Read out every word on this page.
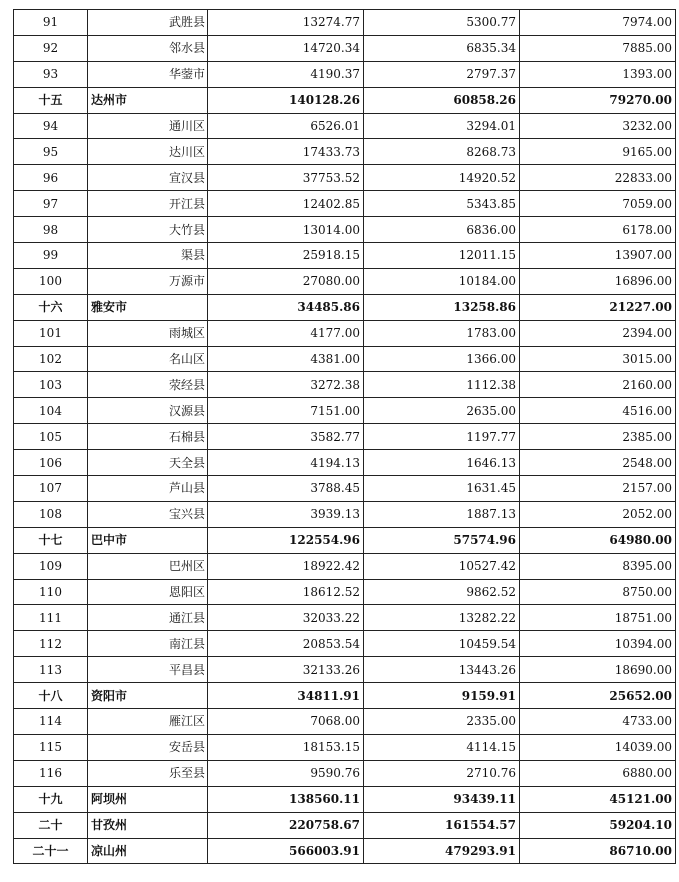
91	武胜县	13274.77	5300.77	7974.00
92	邻水县	14720.34	6835.34	7885.00
93	华蓥市	4190.37	2797.37	1393.00
十五	达州市	140128.26	60858.26	79270.00
94	通川区	6526.01	3294.01	3232.00
95	达川区	17433.73	8268.73	9165.00
96	宣汉县	37753.52	14920.52	22833.00
97	开江县	12402.85	5343.85	7059.00
98	大竹县	13014.00	6836.00	6178.00
99	渠县	25918.15	12011.15	13907.00
100	万源市	27080.00	10184.00	16896.00
十六	雅安市	34485.86	13258.86	21227.00
101	雨城区	4177.00	1783.00	2394.00
102	名山区	4381.00	1366.00	3015.00
103	荥经县	3272.38	1112.38	2160.00
104	汉源县	7151.00	2635.00	4516.00
105	石棉县	3582.77	1197.77	2385.00
106	天全县	4194.13	1646.13	2548.00
107	芦山县	3788.45	1631.45	2157.00
108	宝兴县	3939.13	1887.13	2052.00
十七	巴中市	122554.96	57574.96	64980.00
109	巴州区	18922.42	10527.42	8395.00
110	恩阳区	18612.52	9862.52	8750.00
111	通江县	32033.22	13282.22	18751.00
112	南江县	20853.54	10459.54	10394.00
113	平昌县	32133.26	13443.26	18690.00
十八	资阳市	34811.91	9159.91	25652.00
114	雁江区	7068.00	2335.00	4733.00
115	安岳县	18153.15	4114.15	14039.00
116	乐至县	9590.76	2710.76	6880.00
十九	阿坝州	138560.11	93439.11	45121.00
二十	甘孜州	220758.67	161554.57	59204.10
二十一	凉山州	566003.91	479293.91	86710.00
